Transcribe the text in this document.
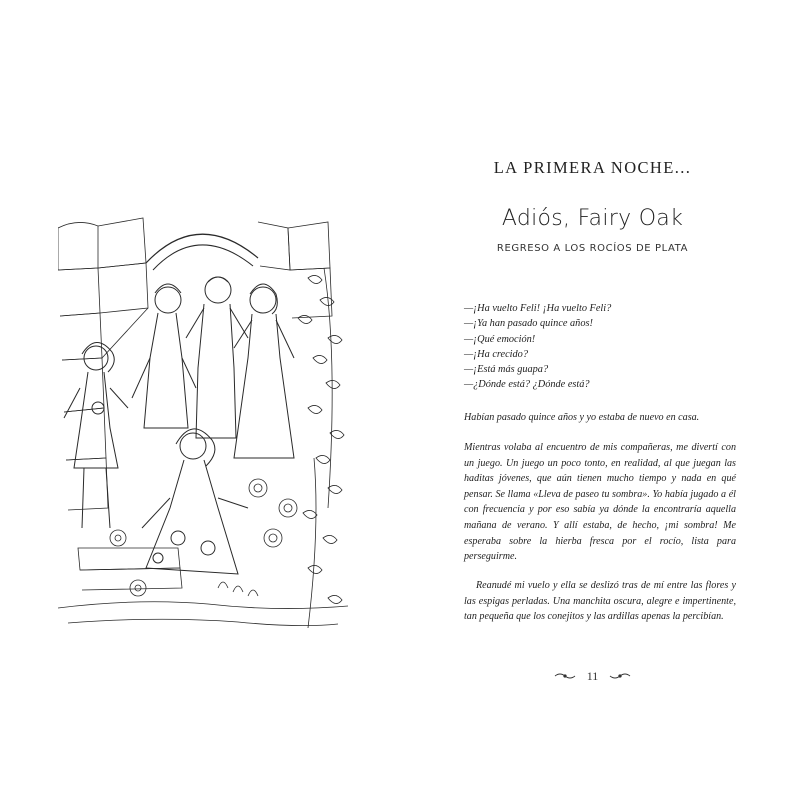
LA PRIMERA NOCHE...
Adiós, Fairy Oak
REGRESO A LOS ROCÍOS DE PLATA
—¡Ha vuelto Feli! ¡Ha vuelto Feli?
—¡Ya han pasado quince años!
—¡Qué emoción!
—¡Ha crecido?
—¡Está más guapa?
—¿Dónde está? ¿Dónde está?

Habían pasado quince años y yo estaba de nuevo en casa.

Mientras volaba al encuentro de mis compañeras, me divertí con un juego. Un juego un poco tonto, en realidad, al que juegan las haditas jóvenes, que aún tienen mucho tiempo y nada en qué pensar. Se llama «Lleva de paseo tu sombra». Yo había jugado a él con frecuencia y por eso sabía ya dónde la encontraría aquella mañana de verano. Y allí estaba, de hecho, ¡mi sombra! Me esperaba sobre la hierba fresca por el rocío, lista para perseguirme.

Reanudé mi vuelo y ella se deslizó tras de mí entre las flores y las espigas perladas. Una manchita oscura, alegre e impertinente, tan pequeña que los conejitos y las ardillas apenas la percibían.

11
